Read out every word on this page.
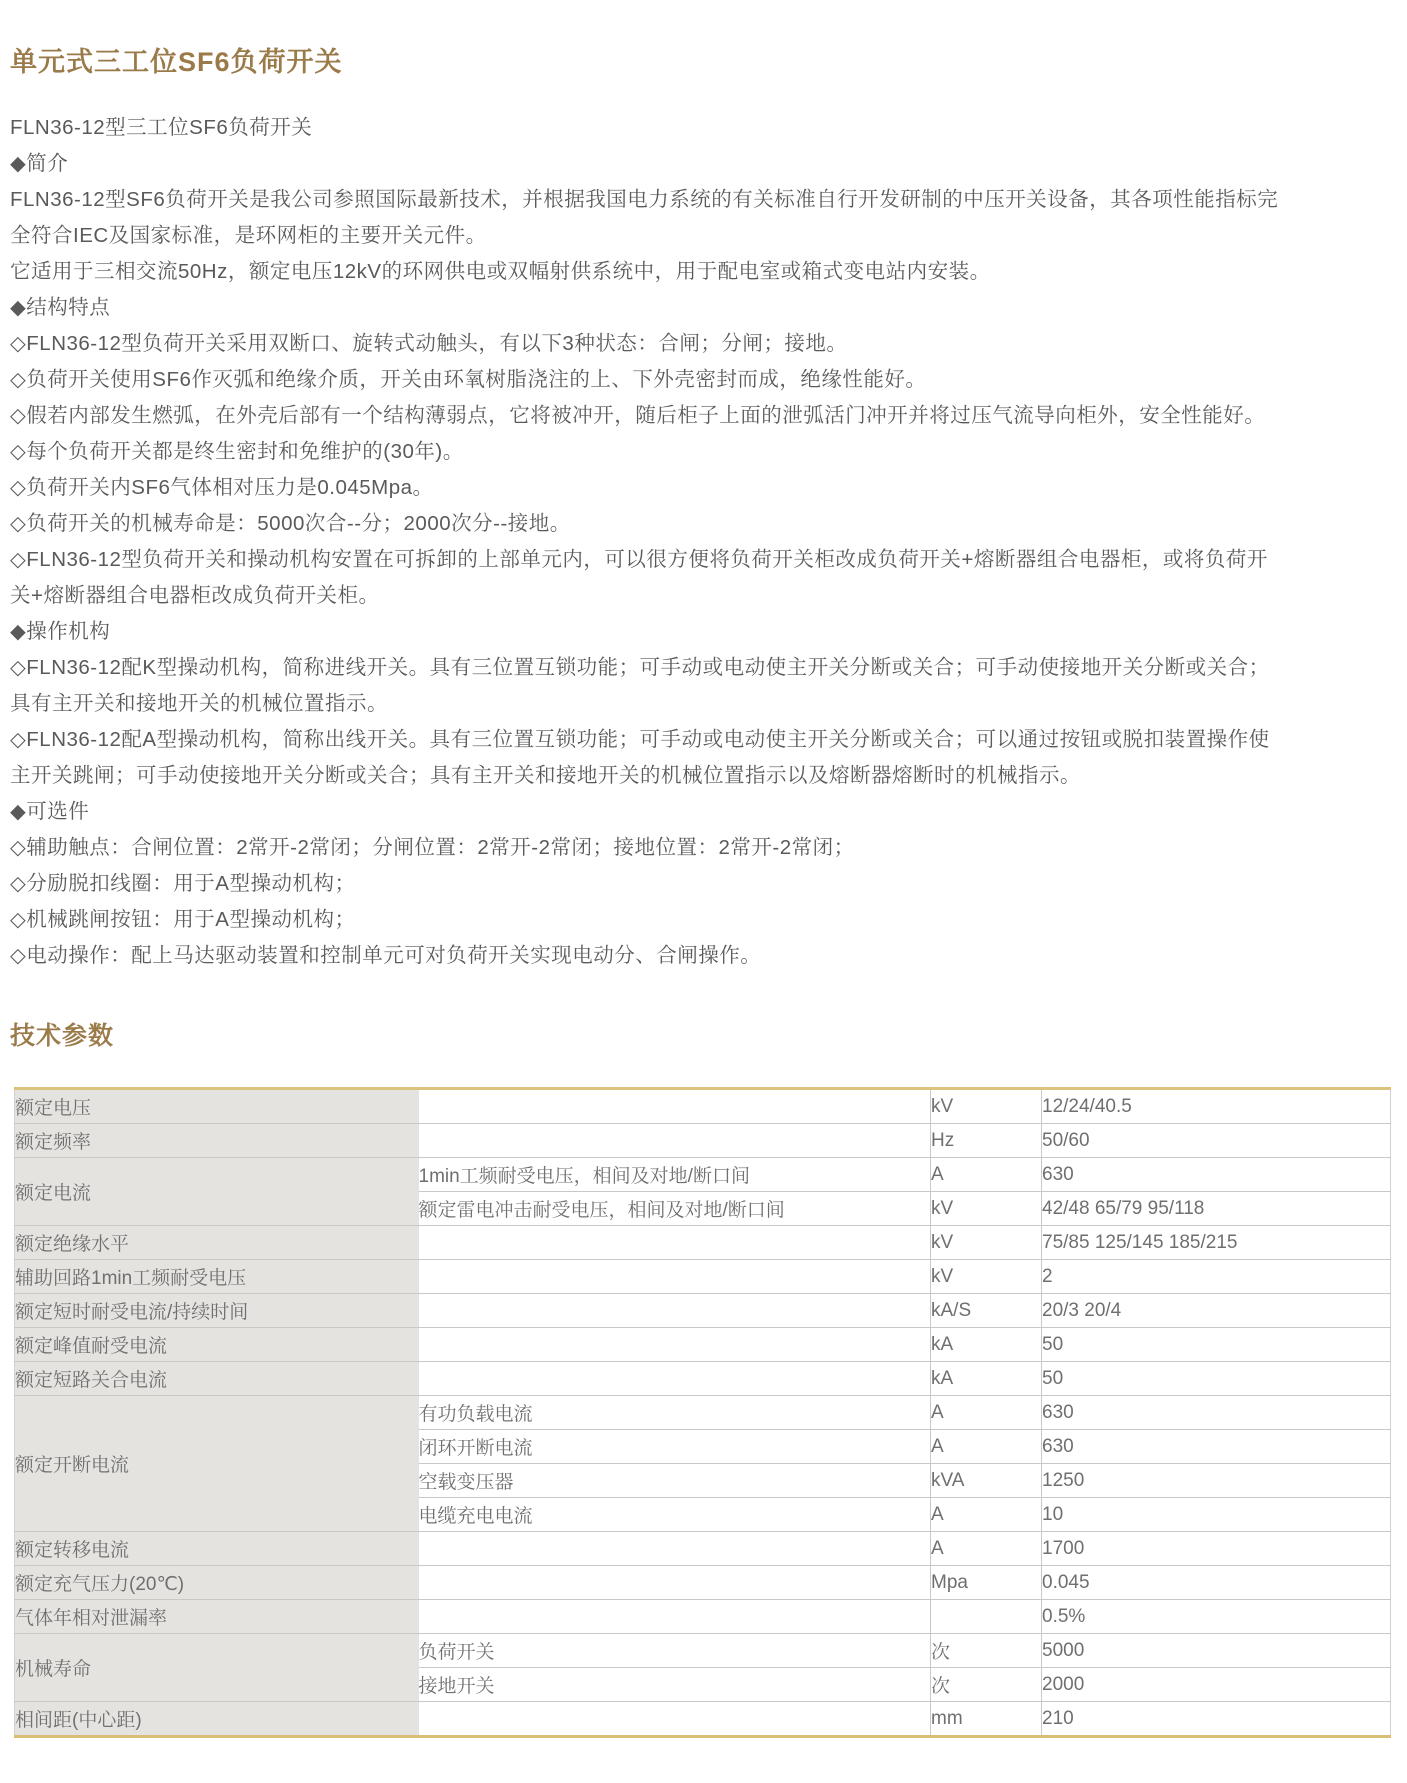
单元式三工位SF6负荷开关
FLN36-12型三工位SF6负荷开关
◆简介
FLN36-12型SF6负荷开关是我公司参照国际最新技术，并根据我国电力系统的有关标准自行开发研制的中压开关设备，其各项性能指标完
全符合IEC及国家标准，是环网柜的主要开关元件。
它适用于三相交流50Hz，额定电压12kV的环网供电或双幅射供系统中，用于配电室或箱式变电站内安装。
◆结构特点
◇FLN36-12型负荷开关采用双断口、旋转式动触头，有以下3种状态：合闸；分闸；接地。
◇负荷开关使用SF6作灭弧和绝缘介质，开关由环氧树脂浇注的上、下外壳密封而成，绝缘性能好。
◇假若内部发生燃弧，在外壳后部有一个结构薄弱点，它将被冲开，随后柜子上面的泄弧活门冲开并将过压气流导向柜外，安全性能好。
◇每个负荷开关都是终生密封和免维护的(30年)。
◇负荷开关内SF6气体相对压力是0.045Mpa。
◇负荷开关的机械寿命是：5000次合--分；2000次分--接地。
◇FLN36-12型负荷开关和操动机构安置在可拆卸的上部单元内，可以很方便将负荷开关柜改成负荷开关+熔断器组合电器柜，或将负荷开
关+熔断器组合电器柜改成负荷开关柜。
◆操作机构
◇FLN36-12配K型操动机构，简称进线开关。具有三位置互锁功能；可手动或电动使主开关分断或关合；可手动使接地开关分断或关合；
具有主开关和接地开关的机械位置指示。
◇FLN36-12配A型操动机构，简称出线开关。具有三位置互锁功能；可手动或电动使主开关分断或关合；可以通过按钮或脱扣装置操作使
主开关跳闸；可手动使接地开关分断或关合；具有主开关和接地开关的机械位置指示以及熔断器熔断时的机械指示。
◆可选件
◇辅助触点：合闸位置：2常开-2常闭；分闸位置：2常开-2常闭；接地位置：2常开-2常闭；
◇分励脱扣线圈：用于A型操动机构；
◇机械跳闸按钮：用于A型操动机构；
◇电动操作：配上马达驱动装置和控制单元可对负荷开关实现电动分、合闸操作。
技术参数
额定电压		kV	12/24/40.5
额定频率		Hz	50/60
额定电流	1min工频耐受电压，相间及对地/断口间	A	630
	额定雷电冲击耐受电压，相间及对地/断口间	kV	42/48 65/79 95/118
额定绝缘水平		kV	75/85 125/145 185/215
辅助回路1min工频耐受电压		kV	2
额定短时耐受电流/持续时间		kA/S	20/3 20/4
额定峰值耐受电流		kA	50
额定短路关合电流		kA	50
额定开断电流	有功负载电流	A	630
	闭环开断电流	A	630
	空载变压器	kVA	1250
	电缆充电电流	A	10
额定转移电流		A	1700
额定充气压力(20℃)		Mpa	0.045
气体年相对泄漏率			0.5%
机械寿命	负荷开关	次	5000
	接地开关	次	2000
相间距(中心距)		mm	210
